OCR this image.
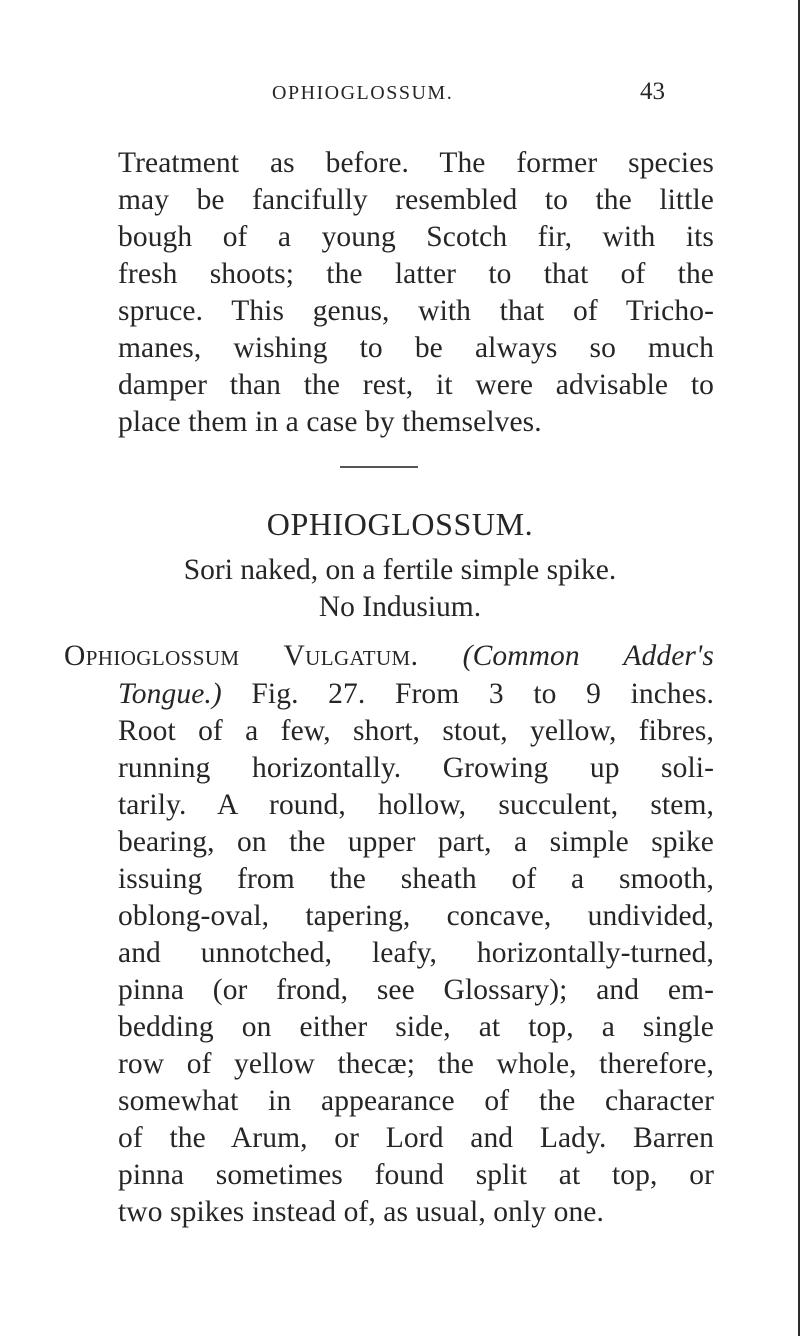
OPHIOGLOSSUM.	43
Treatment as before. The former species
may be fancifully resembled to the little
bough of a young Scotch fir, with its
fresh shoots; the latter to that of the
spruce. This genus, with that of Tricho-
manes, wishing to be always so much
damper than the rest, it were advisable to
place them in a case by themselves.
OPHIOGLOSSUM.
Sori naked, on a fertile simple spike.
No Indusium.
Ophioglossum Vulgatum. (Common Adder's
Tongue.) Fig. 27. From 3 to 9 inches.
Root of a few, short, stout, yellow, fibres,
running horizontally. Growing up soli-
tarily. A round, hollow, succulent, stem,
bearing, on the upper part, a simple spike
issuing from the sheath of a smooth,
oblong-oval, tapering, concave, undivided,
and unnotched, leafy, horizontally-turned,
pinna (or frond, see Glossary); and em-
bedding on either side, at top, a single
row of yellow thecæ; the whole, therefore,
somewhat in appearance of the character
of the Arum, or Lord and Lady. Barren
pinna sometimes found split at top, or
two spikes instead of, as usual, only one.
